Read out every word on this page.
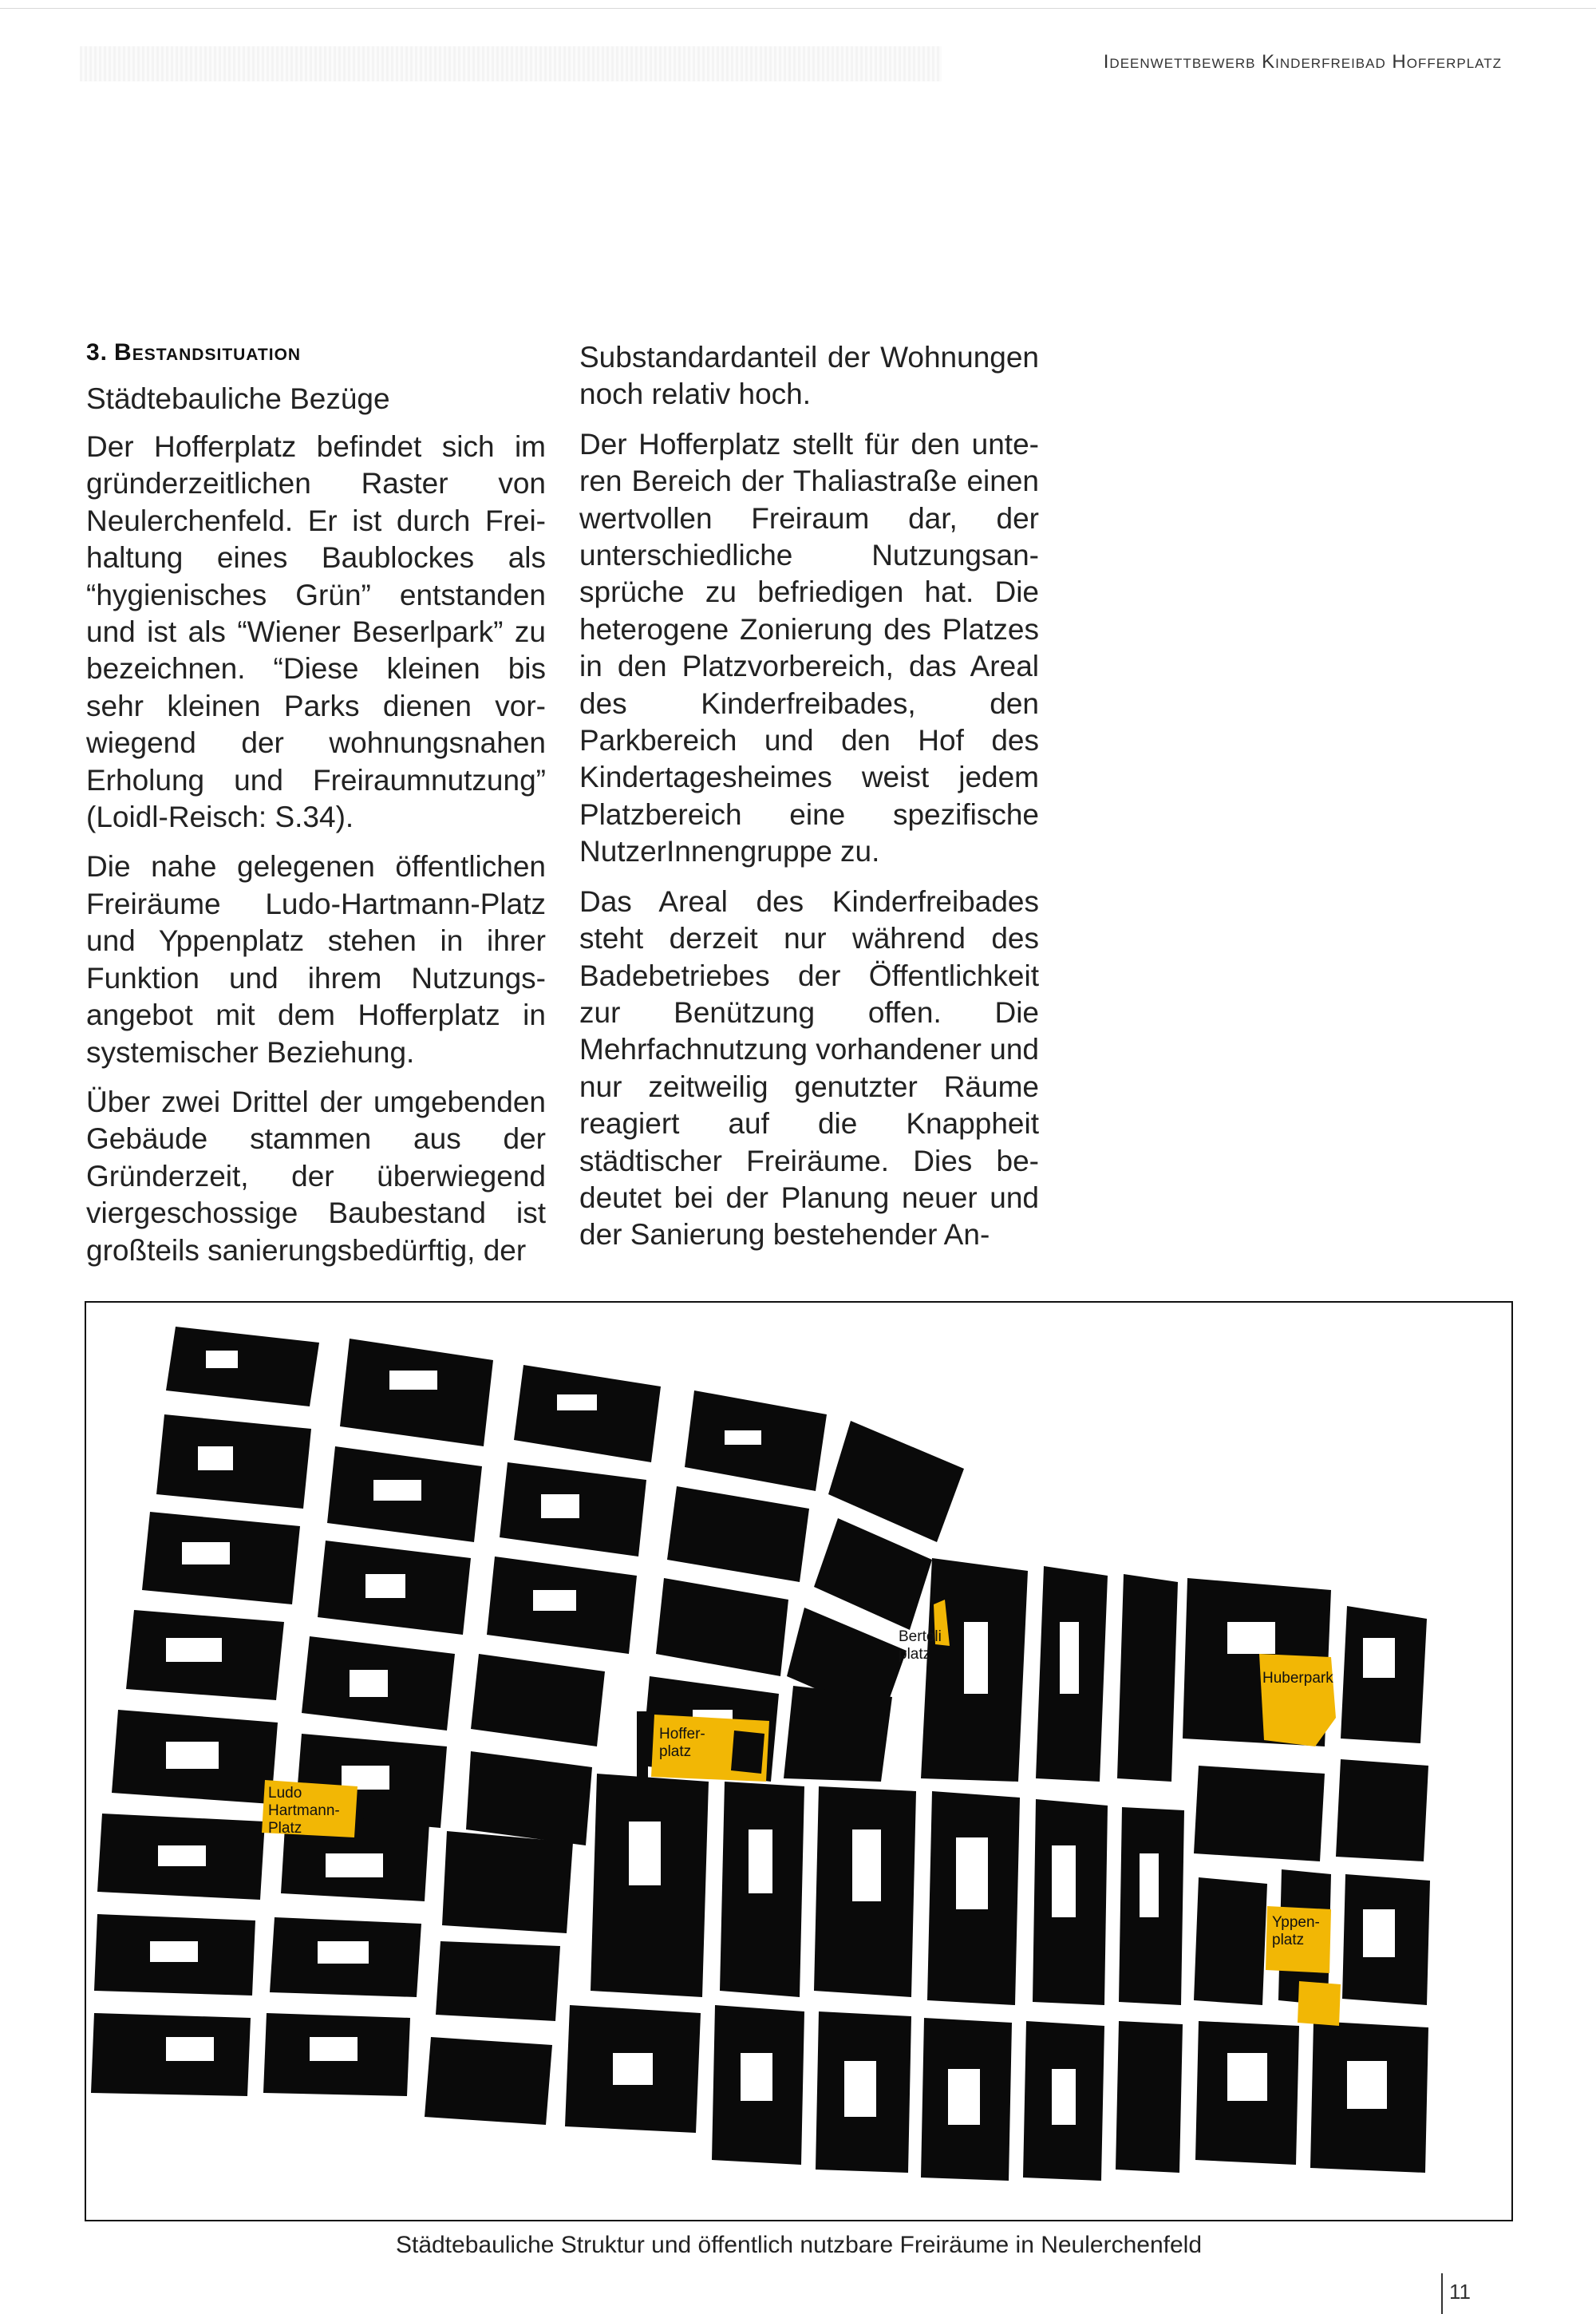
Ideenwettbewerb Kinderfreibad Hofferplatz
3. Bestandsituation
Städtebauliche Bezüge

Der Hofferplatz befindet sich im gründerzeitlichen Raster von Neulerchenfeld. Er ist durch Freihaltung eines Baublockes als “hygienisches Grün” entstanden und ist als “Wiener Beserlpark” zu bezeichnen. “Diese kleinen bis sehr kleinen Parks dienen vorwiegend der wohnungsnahen Erholung und Freiraumnutzung” (Loidl-Reisch: S.34).

Die nahe gelegenen öffentlichen Freiräume Ludo-Hartmann-Platz und Yppenplatz stehen in ihrer Funktion und ihrem Nutzungsangebot mit dem Hofferplatz in systemischer Beziehung.

Über zwei Drittel der umgebenden Gebäude stammen aus der Gründerzeit, der überwiegend viergeschossige Baubestand ist großteils sanierungsbedürftig, der

Substandardanteil der Wohnungen noch relativ hoch.

Der Hofferplatz stellt für den unteren Bereich der Thaliastraße einen wertvollen Freiraum dar, der unterschiedliche Nutzungsansprüche zu befriedigen hat. Die heterogene Zonierung des Platzes in den Platzvorbereich, das Areal des Kinderfreibades, den Parkbereich und den Hof des Kindertagesheimes weist jedem Platzbereich eine spezifische NutzerInnengruppe zu.

Das Areal des Kinderfreibades steht derzeit nur während des Badebetriebes der Öffentlichkeit zur Benützung offen. Die Mehrfachnutzung vorhandener und nur zeitweilig genutzter Räume reagiert auf die Knappheit städtischer Freiräume. Dies bedeutet bei der Planung neuer und der Sanierung bestehender An-

Bertoli
platz
Huberpark
Hoffer-
platz
Ludo
Hartmann-
Platz
Yppen-
platz
Städtebauliche Struktur und öffentlich nutzbare Freiräume in Neulerchenfeld
11
